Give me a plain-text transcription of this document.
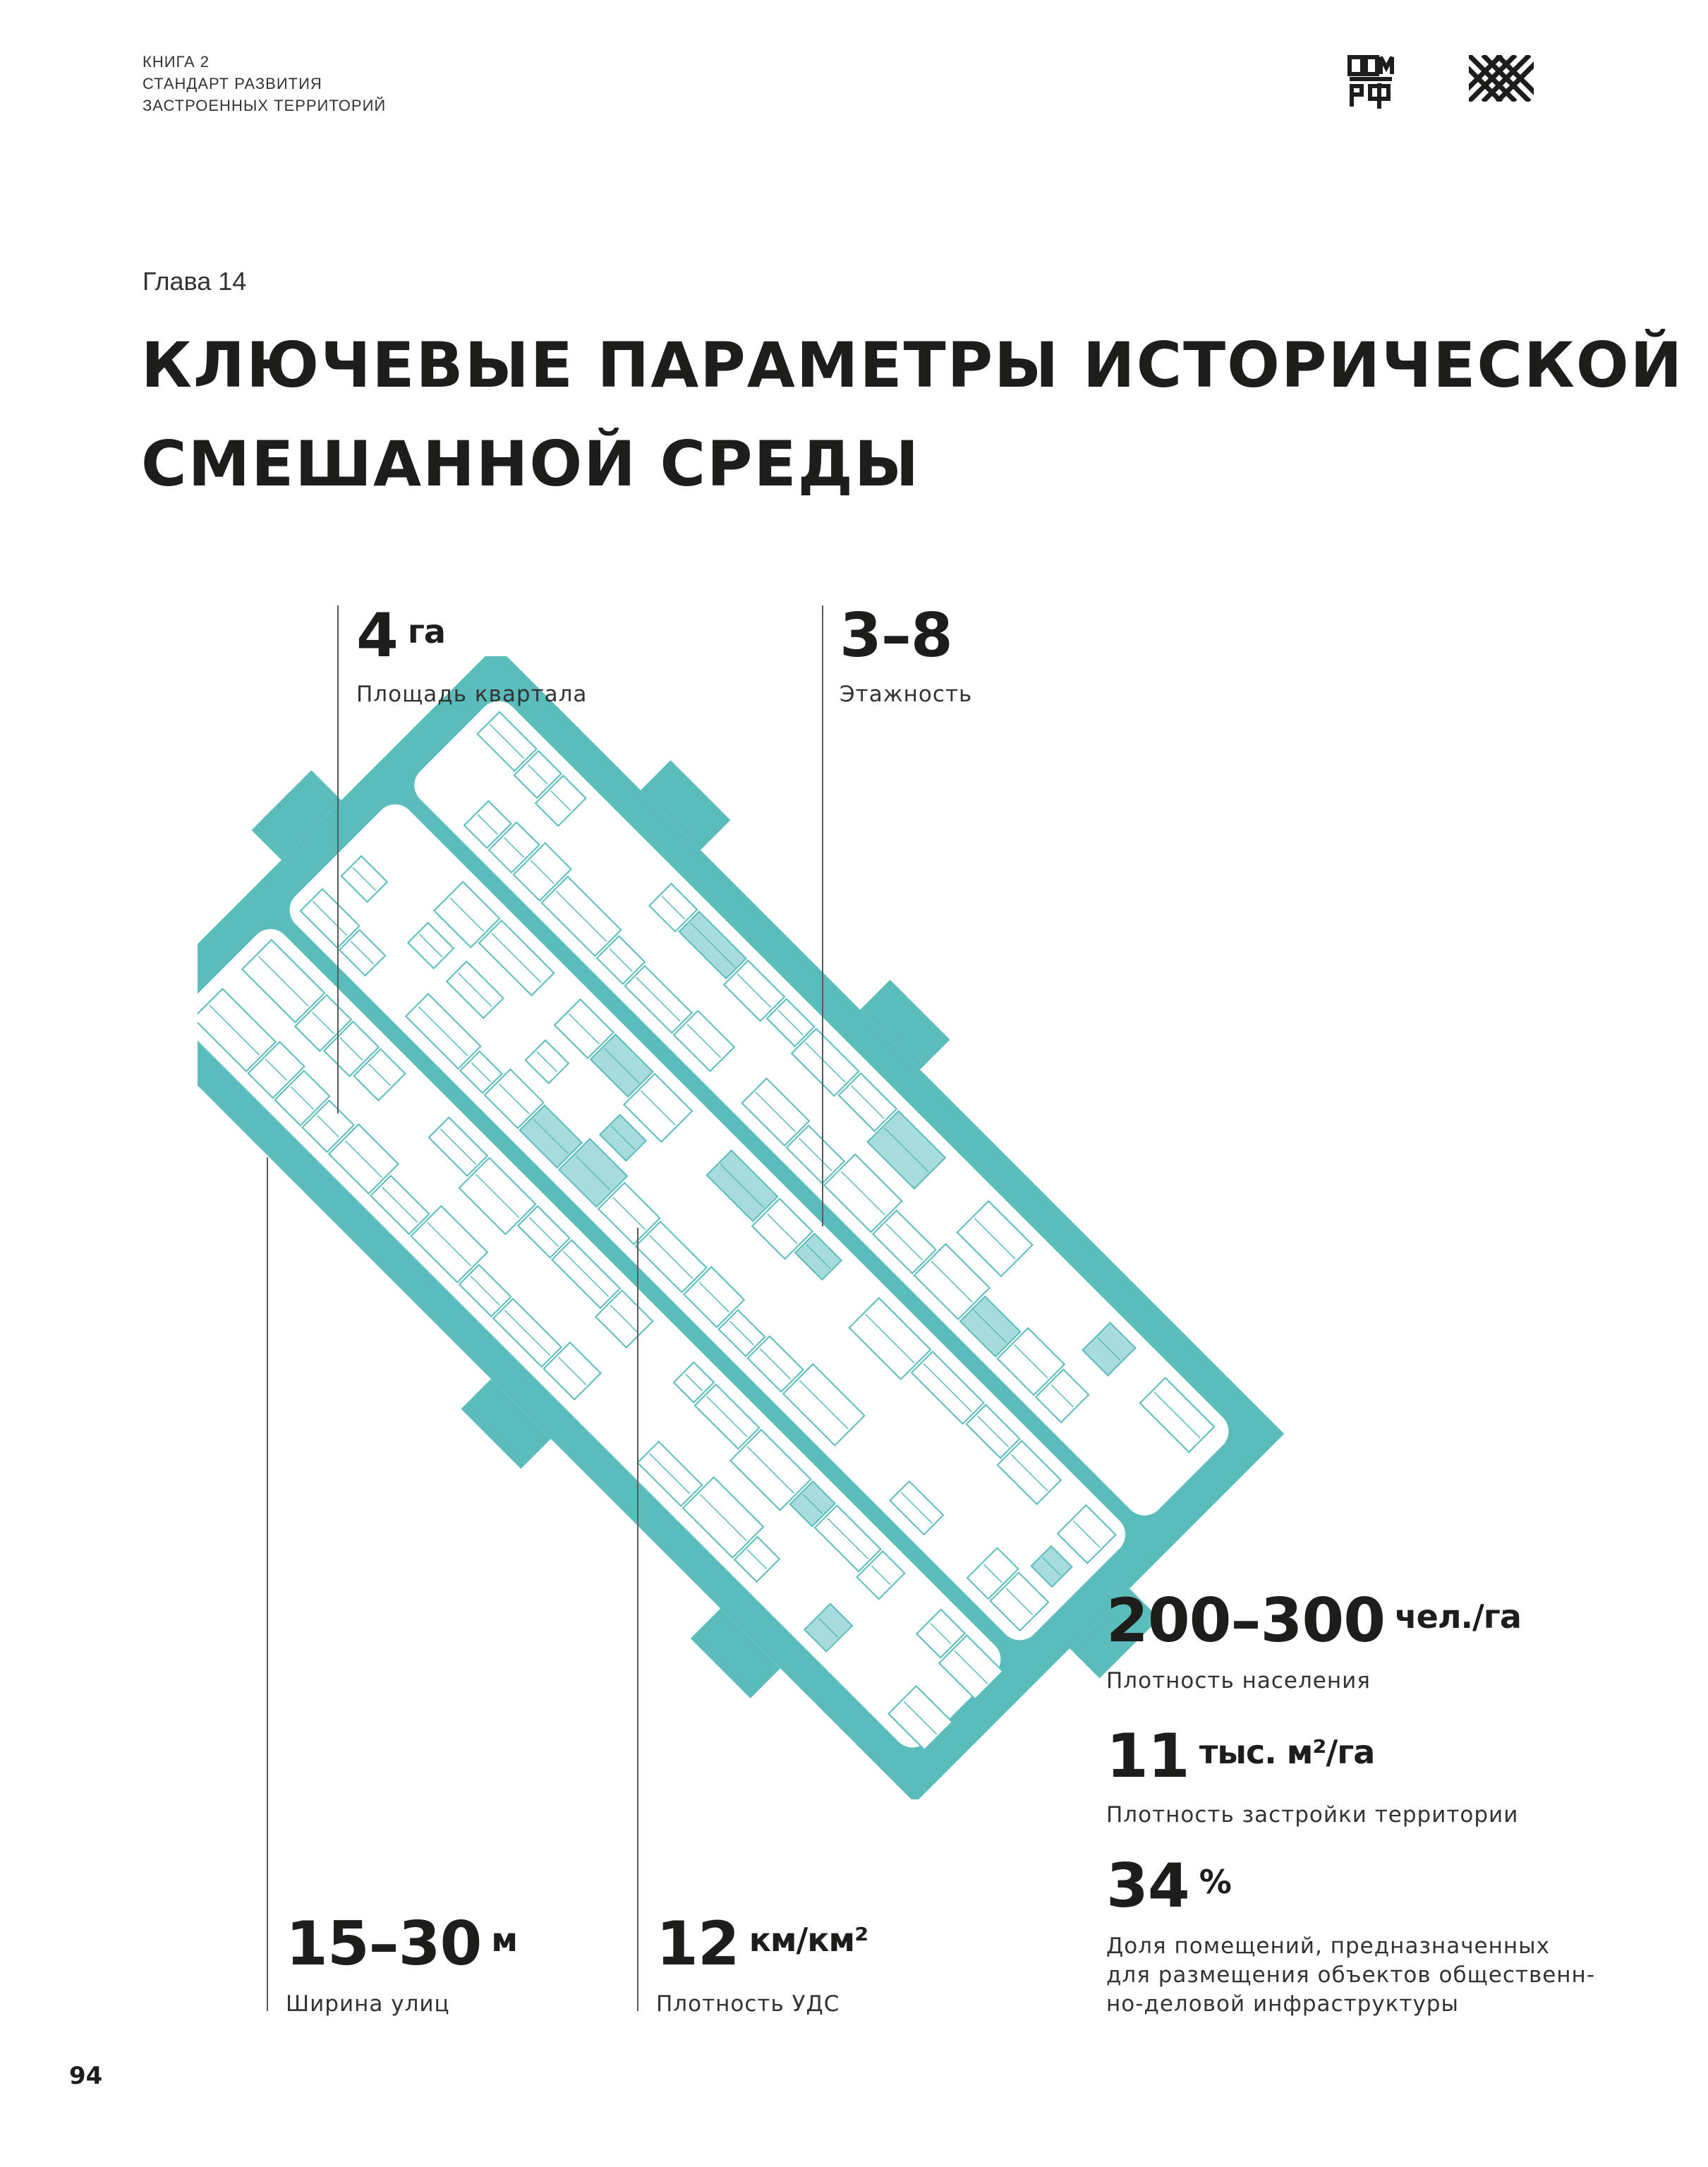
КНИГА 2
СТАНДАРТ РАЗВИТИЯ
ЗАСТРОЕННЫХ ТЕРРИТОРИЙ
Глава 14
КЛЮЧЕВЫЕ ПАРАМЕТРЫ ИСТОРИЧЕСКОЙ
СМЕШАННОЙ СРЕДЫ
4 $^{га}$
Площадь квартала
3–8
Этажность
200–300 $^{чел./га}$
Плотность населения
11 $^{тыс. м^2/га}$
Плотность застройки территории
34 %
Доля помещений, предназначенных
для размещения объектов общественн-
но-деловой инфраструктуры
15–30 $^м$
Ширина улиц
12 $^{км/км^2}$
Плотность УДС
94
